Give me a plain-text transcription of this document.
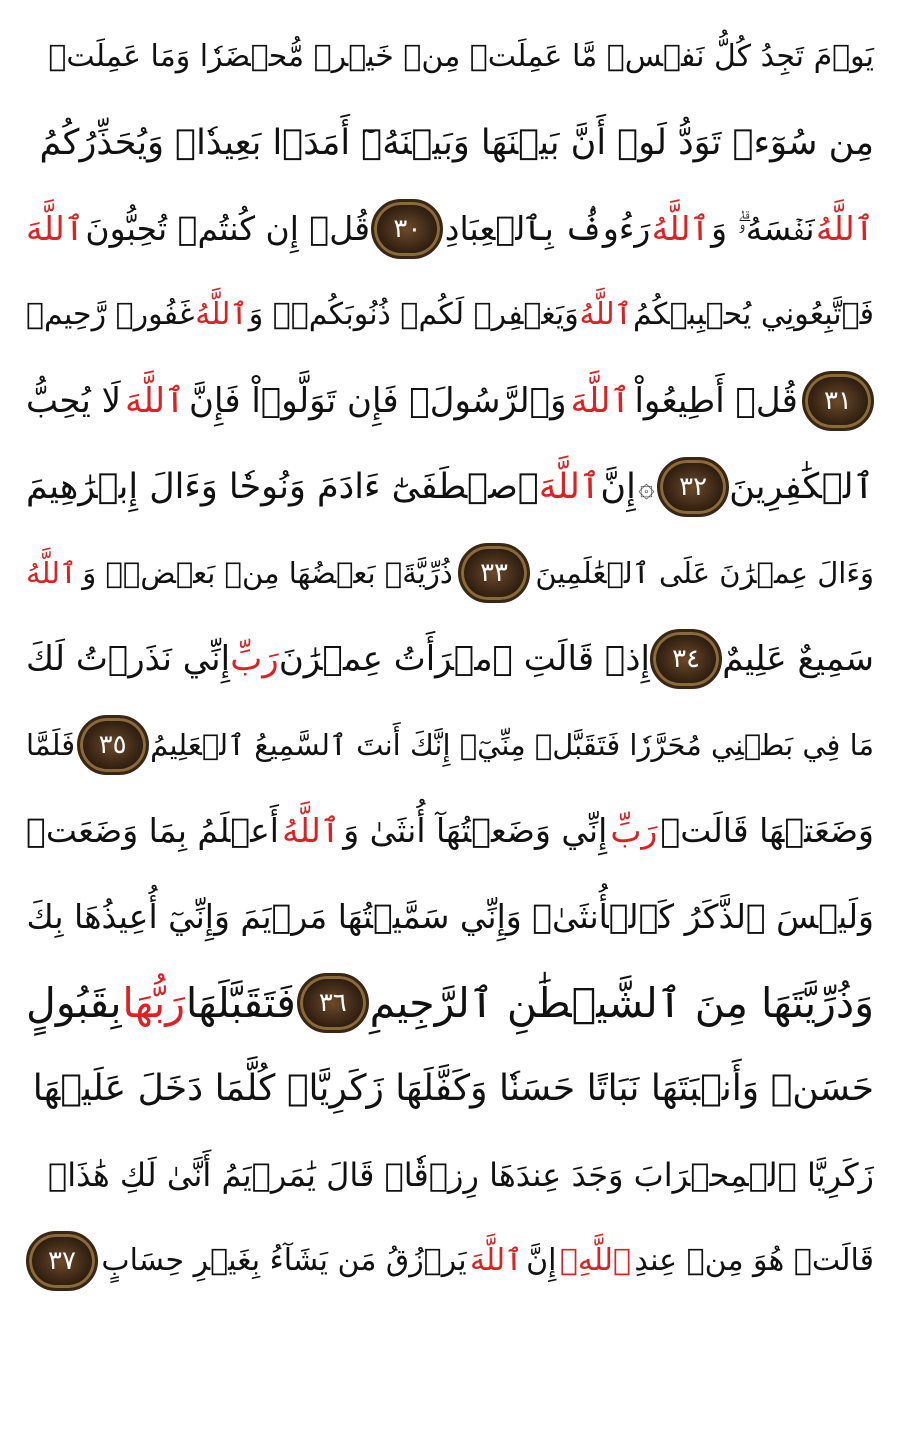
يَوۡمَ تَجِدُ كُلُّ نَفۡسٖ مَّا عَمِلَتۡ مِنۡ خَيۡرٖ مُّحۡضَرٗا وَمَا عَمِلَتۡ
مِن سُوٓءٖ تَوَدُّ لَوۡ أَنَّ بَيۡنَهَا وَبَيۡنَهُۥٓ أَمَدَۢا بَعِيدٗاۗ وَيُحَذِّرُكُمُ
ٱللَّهُ
نَفۡسَهُۥۗ وَ
ٱللَّهُ
رَءُوفُۢ بِٱلۡعِبَادِ
٣٠
قُلۡ إِن كُنتُمۡ تُحِبُّونَ
ٱللَّهَ
فَٱتَّبِعُونِي يُحۡبِبۡكُمُ
ٱللَّهُ
وَيَغۡفِرۡ لَكُمۡ ذُنُوبَكُمۡۚ وَ
ٱللَّهُ
غَفُورٞ رَّحِيمٞ
٣١
قُلۡ أَطِيعُواْ
ٱللَّهَ
وَٱلرَّسُولَۖ فَإِن تَوَلَّوۡاْ فَإِنَّ
ٱللَّهَ
لَا يُحِبُّ
ٱلۡكَٰفِرِينَ
٣٢
۞
إِنَّ
ٱللَّهَ
ٱصۡطَفَىٰٓ ءَادَمَ وَنُوحٗا وَءَالَ إِبۡرَٰهِيمَ
وَءَالَ عِمۡرَٰنَ عَلَى ٱلۡعَٰلَمِينَ
٣٣
ذُرِّيَّةَۢ بَعۡضُهَا مِنۢ بَعۡضٖۗ وَ
ٱللَّهُ
سَمِيعٌ عَلِيمٌ
٣٤
إِذۡ قَالَتِ ٱمۡرَأَتُ عِمۡرَٰنَ
رَبِّ
إِنِّي نَذَرۡتُ لَكَ
مَا فِي بَطۡنِي مُحَرَّرٗا فَتَقَبَّلۡ مِنِّيٓۖ إِنَّكَ أَنتَ ٱلسَّمِيعُ ٱلۡعَلِيمُ
٣٥
فَلَمَّا
وَضَعَتۡهَا قَالَتۡ
رَبِّ
إِنِّي وَضَعۡتُهَآ أُنثَىٰ وَ
ٱللَّهُ
أَعۡلَمُ بِمَا وَضَعَتۡ
وَلَيۡسَ ٱلذَّكَرُ كَٱلۡأُنثَىٰۖ وَإِنِّي سَمَّيۡتُهَا مَرۡيَمَ وَإِنِّيٓ أُعِيذُهَا بِكَ
وَذُرِّيَّتَهَا مِنَ ٱلشَّيۡطَٰنِ ٱلرَّجِيمِ
٣٦
فَتَقَبَّلَهَا
رَبُّهَا
بِقَبُولٍ
حَسَنٖ وَأَنۢبَتَهَا نَبَاتًا حَسَنٗا وَكَفَّلَهَا زَكَرِيَّاۖ كُلَّمَا دَخَلَ عَلَيۡهَا
زَكَرِيَّا ٱلۡمِحۡرَابَ وَجَدَ عِندَهَا رِزۡقٗاۖ قَالَ يَٰمَرۡيَمُ أَنَّىٰ لَكِ هَٰذَاۖ
قَالَتۡ هُوَ مِنۡ عِندِ
ٱللَّهِۖ
إِنَّ
ٱللَّهَ
يَرۡزُقُ مَن يَشَآءُ بِغَيۡرِ حِسَابٍ
٣٧
